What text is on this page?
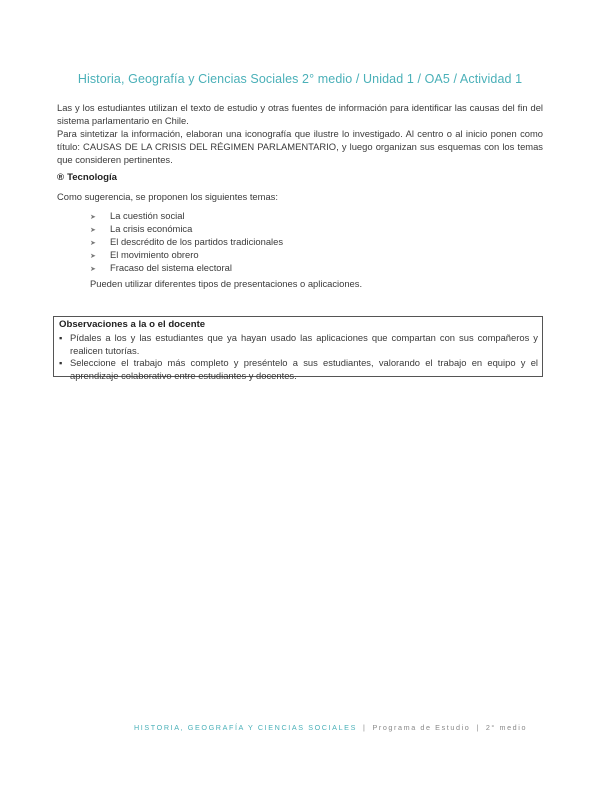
Historia, Geografía y Ciencias Sociales 2° medio / Unidad 1 / OA5 / Actividad 1
Las y los estudiantes utilizan el texto de estudio y otras fuentes de información para identificar las causas del fin del sistema parlamentario en Chile.
Para sintetizar la información, elaboran una iconografía que ilustre lo investigado. Al centro o al inicio ponen como título: CAUSAS DE LA CRISIS DEL RÉGIMEN PARLAMENTARIO, y luego organizan sus esquemas con los temas que consideren pertinentes.
® Tecnología
Como sugerencia, se proponen los siguientes temas:
➤ La cuestión social
➤ La crisis económica
➤ El descrédito de los partidos tradicionales
➤ El movimiento obrero
➤ Fracaso del sistema electoral
Pueden utilizar diferentes tipos de presentaciones o aplicaciones.
Observaciones a la o el docente
▪ Pídales a los y las estudiantes que ya hayan usado las aplicaciones que compartan con sus compañeros y realicen tutorías.
▪ Seleccione el trabajo más completo y preséntelo a sus estudiantes, valorando el trabajo en equipo y el aprendizaje colaborativo entre estudiantes y docentes.
HISTORIA, GEOGRAFÍA Y CIENCIAS SOCIALES | Programa de Estudio | 2° medio
